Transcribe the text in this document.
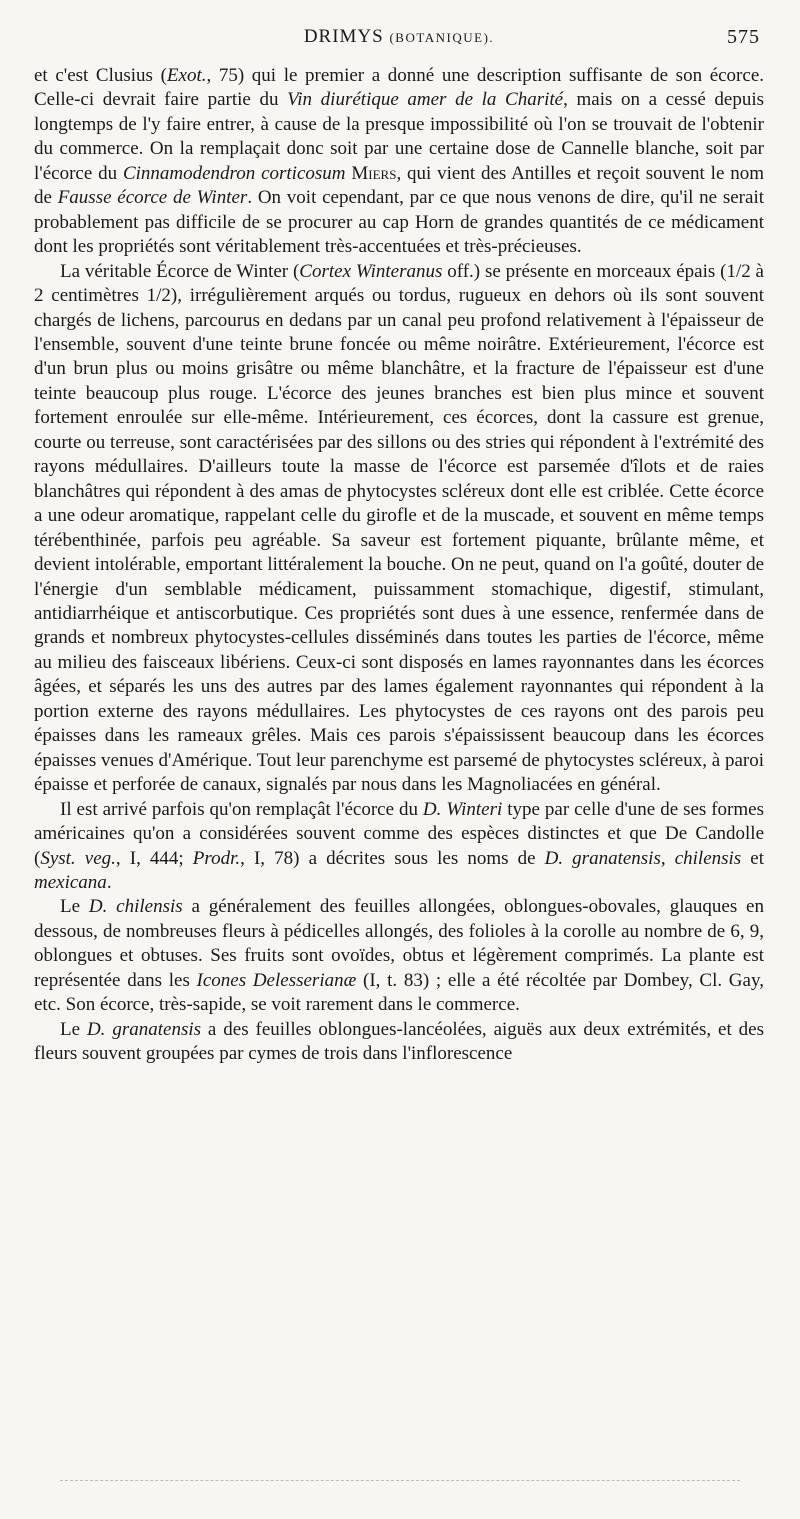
DRIMYS (BOTANIQUE).	575

et c'est Clusius (Exot., 75) qui le premier a donné une description suffisante de son écorce. Celle-ci devrait faire partie du Vin diurétique amer de la Charité, mais on a cessé depuis longtemps de l'y faire entrer, à cause de la presque impossibilité où l'on se trouvait de l'obtenir du commerce. On la remplaçait donc soit par une certaine dose de Cannelle blanche, soit par l'écorce du Cinnamodendron corticosum Miers, qui vient des Antilles et reçoit souvent le nom de Fausse écorce de Winter. On voit cependant, par ce que nous venons de dire, qu'il ne serait probablement pas difficile de se procurer au cap Horn de grandes quantités de ce médicament dont les propriétés sont véritablement très-accentuées et très-précieuses.

La véritable Écorce de Winter (Cortex Winteranus off.) se présente en morceaux épais (1/2 à 2 centimètres 1/2), irrégulièrement arqués ou tordus, rugueux en dehors où ils sont souvent chargés de lichens, parcourus en dedans par un canal peu profond relativement à l'épaisseur de l'ensemble, souvent d'une teinte brune foncée ou même noirâtre. Extérieurement, l'écorce est d'un brun plus ou moins grisâtre ou même blanchâtre, et la fracture de l'épaisseur est d'une teinte beaucoup plus rouge. L'écorce des jeunes branches est bien plus mince et souvent fortement enroulée sur elle-même. Intérieurement, ces écorces, dont la cassure est grenue, courte ou terreuse, sont caractérisées par des sillons ou des stries qui répondent à l'extrémité des rayons médullaires. D'ailleurs toute la masse de l'écorce est parsemée d'îlots et de raies blanchâtres qui répondent à des amas de phytocystes scléreux dont elle est criblée. Cette écorce a une odeur aromatique, rappelant celle du girofle et de la muscade, et souvent en même temps térébenthinée, parfois peu agréable. Sa saveur est fortement piquante, brûlante même, et devient intolérable, emportant littéralement la bouche. On ne peut, quand on l'a goûté, douter de l'énergie d'un semblable médicament, puissamment stomachique, digestif, stimulant, antidiarrhéique et antiscorbutique. Ces propriétés sont dues à une essence, renfermée dans de grands et nombreux phytocystes-cellules disséminés dans toutes les parties de l'écorce, même au milieu des faisceaux libériens. Ceux-ci sont disposés en lames rayonnantes dans les écorces âgées, et séparés les uns des autres par des lames également rayonnantes qui répondent à la portion externe des rayons médullaires. Les phytocystes de ces rayons ont des parois peu épaisses dans les rameaux grêles. Mais ces parois s'épaississent beaucoup dans les écorces épaisses venues d'Amérique. Tout leur parenchyme est parsemé de phytocystes scléreux, à paroi épaisse et perforée de canaux, signalés par nous dans les Magnoliacées en général.

Il est arrivé parfois qu'on remplaçât l'écorce du D. Winteri type par celle d'une de ses formes américaines qu'on a considérées souvent comme des espèces distinctes et que De Candolle (Syst. veg., I, 444; Prodr., I, 78) a décrites sous les noms de D. granatensis, chilensis et mexicana.

Le D. chilensis a généralement des feuilles allongées, oblongues-obovales, glauques en dessous, de nombreuses fleurs à pédicelles allongés, des folioles à la corolle au nombre de 6, 9, oblongues et obtuses. Ses fruits sont ovoïdes, obtus et légèrement comprimés. La plante est représentée dans les Icones Delesserianæ (I, t. 83) ; elle a été récoltée par Dombey, Cl. Gay, etc. Son écorce, très-sapide, se voit rarement dans le commerce.

Le D. granatensis a des feuilles oblongues-lancéolées, aiguës aux deux extrémités, et des fleurs souvent groupées par cymes de trois dans l'inflorescence
